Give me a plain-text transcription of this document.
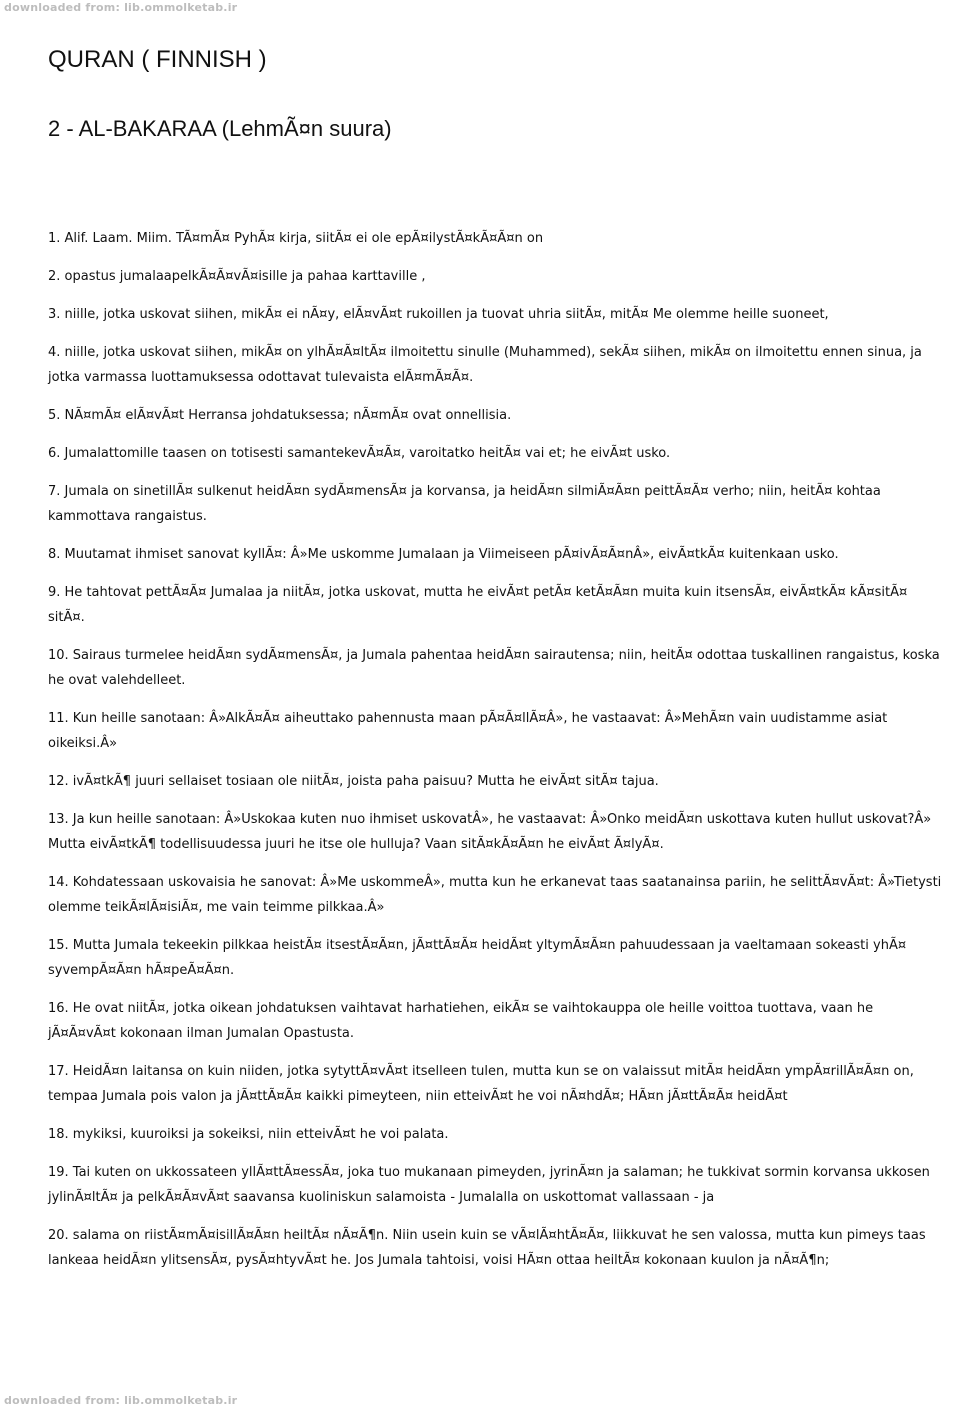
downloaded from: lib.ommolketab.ir
QURAN ( FINNISH )
2 - AL-BAKARAA (LehmÃ¤n suura)

1. Alif. Laam. Miim. TÃ¤mÃ¤ PyhÃ¤ kirja, siitÃ¤ ei ole epÃ¤ilystÃ¤kÃ¤Ã¤n on

2. opastus jumalaapelkÃ¤Ã¤vÃ¤isille ja pahaa karttaville ,

3. niille, jotka uskovat siihen, mikÃ¤ ei nÃ¤y, elÃ¤vÃ¤t rukoillen ja tuovat uhria siitÃ¤, mitÃ¤ Me olemme heille suoneet,

4. niille, jotka uskovat siihen, mikÃ¤ on ylhÃ¤Ã¤ltÃ¤ ilmoitettu sinulle (Muhammed), sekÃ¤ siihen, mikÃ¤ on ilmoitettu ennen sinua, ja jotka varmassa luottamuksessa odottavat tulevaista elÃ¤mÃ¤Ã¤.

5. NÃ¤mÃ¤ elÃ¤vÃ¤t Herransa johdatuksessa; nÃ¤mÃ¤ ovat onnellisia.

6. Jumalattomille taasen on totisesti samantekevÃ¤Ã¤, varoitatko heitÃ¤ vai et; he eivÃ¤t usko.

7. Jumala on sinetillÃ¤ sulkenut heidÃ¤n sydÃ¤mensÃ¤ ja korvansa, ja heidÃ¤n silmiÃ¤Ã¤n peittÃ¤Ã¤ verho; niin, heitÃ¤ kohtaa kammottava rangaistus.

8. Muutamat ihmiset sanovat kyllÃ¤: Â»Me uskomme Jumalaan ja Viimeiseen pÃ¤ivÃ¤Ã¤nÂ», eivÃ¤tkÃ¤ kuitenkaan usko.

9. He tahtovat pettÃ¤Ã¤ Jumalaa ja niitÃ¤, jotka uskovat, mutta he eivÃ¤t petÃ¤ ketÃ¤Ã¤n muita kuin itsensÃ¤, eivÃ¤tkÃ¤ kÃ¤sitÃ¤ sitÃ¤.

10. Sairaus turmelee heidÃ¤n sydÃ¤mensÃ¤, ja Jumala pahentaa heidÃ¤n sairautensa; niin, heitÃ¤ odottaa tuskallinen rangaistus, koska he ovat valehdelleet.

11. Kun heille sanotaan: Â»AlkÃ¤Ã¤ aiheuttako pahennusta maan pÃ¤Ã¤llÃ¤Â», he vastaavat: Â»MehÃ¤n vain uudistamme asiat oikeiksi.Â»

12. ivÃ¤tkÃ¶ juuri sellaiset tosiaan ole niitÃ¤, joista paha paisuu? Mutta he eivÃ¤t sitÃ¤ tajua.

13. Ja kun heille sanotaan: Â»Uskokaa kuten nuo ihmiset uskovatÂ», he vastaavat: Â»Onko meidÃ¤n uskottava kuten hullut uskovat?Â» Mutta eivÃ¤tkÃ¶ todellisuudessa juuri he itse ole hulluja? Vaan sitÃ¤kÃ¤Ã¤n he eivÃ¤t Ã¤lyÃ¤.

14. Kohdatessaan uskovaisia he sanovat: Â»Me uskommeÂ», mutta kun he erkanevat taas saatanainsa pariin, he selittÃ¤vÃ¤t: Â»Tietysti olemme teikÃ¤lÃ¤isiÃ¤, me vain teimme pilkkaa.Â»

15. Mutta Jumala tekeekin pilkkaa heistÃ¤ itsestÃ¤Ã¤n, jÃ¤ttÃ¤Ã¤ heidÃ¤t yltymÃ¤Ã¤n pahuudessaan ja vaeltamaan sokeasti yhÃ¤ syvempÃ¤Ã¤n hÃ¤peÃ¤Ã¤n.

16. He ovat niitÃ¤, jotka oikean johdatuksen vaihtavat harhatiehen, eikÃ¤ se vaihtokauppa ole heille voittoa tuottava, vaan he jÃ¤Ã¤vÃ¤t kokonaan ilman Jumalan Opastusta.

17. HeidÃ¤n laitansa on kuin niiden, jotka sytyttÃ¤vÃ¤t itselleen tulen, mutta kun se on valaissut mitÃ¤ heidÃ¤n ympÃ¤rillÃ¤Ã¤n on, tempaa Jumala pois valon ja jÃ¤ttÃ¤Ã¤ kaikki pimeyteen, niin etteivÃ¤t he voi nÃ¤hdÃ¤; HÃ¤n jÃ¤ttÃ¤Ã¤ heidÃ¤t

18. mykiksi, kuuroiksi ja sokeiksi, niin etteivÃ¤t he voi palata.

19. Tai kuten on ukkossateen yllÃ¤ttÃ¤essÃ¤, joka tuo mukanaan pimeyden, jyrinÃ¤n ja salaman; he tukkivat sormin korvansa ukkosen jylinÃ¤ltÃ¤ ja pelkÃ¤Ã¤vÃ¤t saavansa kuoliniskun salamoista - Jumalalla on uskottomat vallassaan - ja

20. salama on riistÃ¤mÃ¤isillÃ¤Ã¤n heiltÃ¤ nÃ¤Ã¶n. Niin usein kuin se vÃ¤lÃ¤htÃ¤Ã¤, liikkuvat he sen valossa, mutta kun pimeys taas lankeaa heidÃ¤n ylitsensÃ¤, pysÃ¤htyvÃ¤t he. Jos Jumala tahtoisi, voisi HÃ¤n ottaa heiltÃ¤ kokonaan kuulon ja nÃ¤Ã¶n;

downloaded from: lib.ommolketab.ir
